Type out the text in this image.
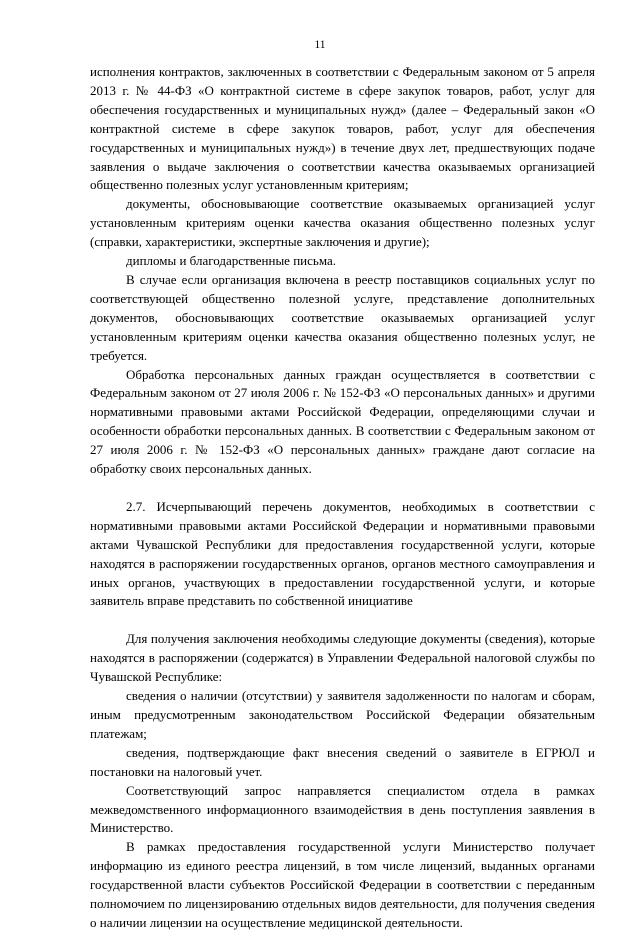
11

исполнения контрактов, заключенных в соответствии с Федеральным законом от 5 апреля 2013 г. № 44-ФЗ «О контрактной системе в сфере закупок товаров, работ, услуг для обеспечения государственных и муниципальных нужд» (далее – Федеральный закон «О контрактной системе в сфере закупок товаров, работ, услуг для обеспечения государственных и муниципальных нужд») в течение двух лет, предшествующих подаче заявления о выдаче заключения о соответствии качества оказываемых организацией общественно полезных услуг установленным критериям;

документы, обосновывающие соответствие оказываемых организацией услуг установленным критериям оценки качества оказания общественно полезных услуг (справки, характеристики, экспертные заключения и другие);

дипломы и благодарственные письма.

В случае если организация включена в реестр поставщиков социальных услуг по соответствующей общественно полезной услуге, представление дополнительных документов, обосновывающих соответствие оказываемых организацией услуг установленным критериям оценки качества оказания общественно полезных услуг, не требуется.

Обработка персональных данных граждан осуществляется в соответствии с Федеральным законом от 27 июля 2006 г. № 152-ФЗ «О персональных данных» и другими нормативными правовыми актами Российской Федерации, определяющими случаи и особенности обработки персональных данных. В соответствии с Федеральным законом от 27 июля 2006 г. № 152-ФЗ «О персональных данных» граждане дают согласие на обработку своих персональных данных.

2.7. Исчерпывающий перечень документов, необходимых в соответствии с нормативными правовыми актами Российской Федерации и нормативными правовыми актами Чувашской Республики для предоставления государственной услуги, которые находятся в распоряжении государственных органов, органов местного самоуправления и иных органов, участвующих в предоставлении государственной услуги, и которые заявитель вправе представить по собственной инициативе

Для получения заключения необходимы следующие документы (сведения), которые находятся в распоряжении (содержатся) в Управлении Федеральной налоговой службы по Чувашской Республике:

сведения о наличии (отсутствии) у заявителя задолженности по налогам и сборам, иным предусмотренным законодательством Российской Федерации обязательным платежам;

сведения, подтверждающие факт внесения сведений о заявителе в ЕГРЮЛ и постановки на налоговый учет.

Соответствующий запрос направляется специалистом отдела в рамках межведомственного информационного взаимодействия в день поступления заявления в Министерство.

В рамках предоставления государственной услуги Министерство получает информацию из единого реестра лицензий, в том числе лицензий, выданных органами государственной власти субъектов Российской Федерации в соответствии с переданным полномочием по лицензированию отдельных видов деятельности, для получения сведения о наличии лицензии на осуществление медицинской деятельности.
